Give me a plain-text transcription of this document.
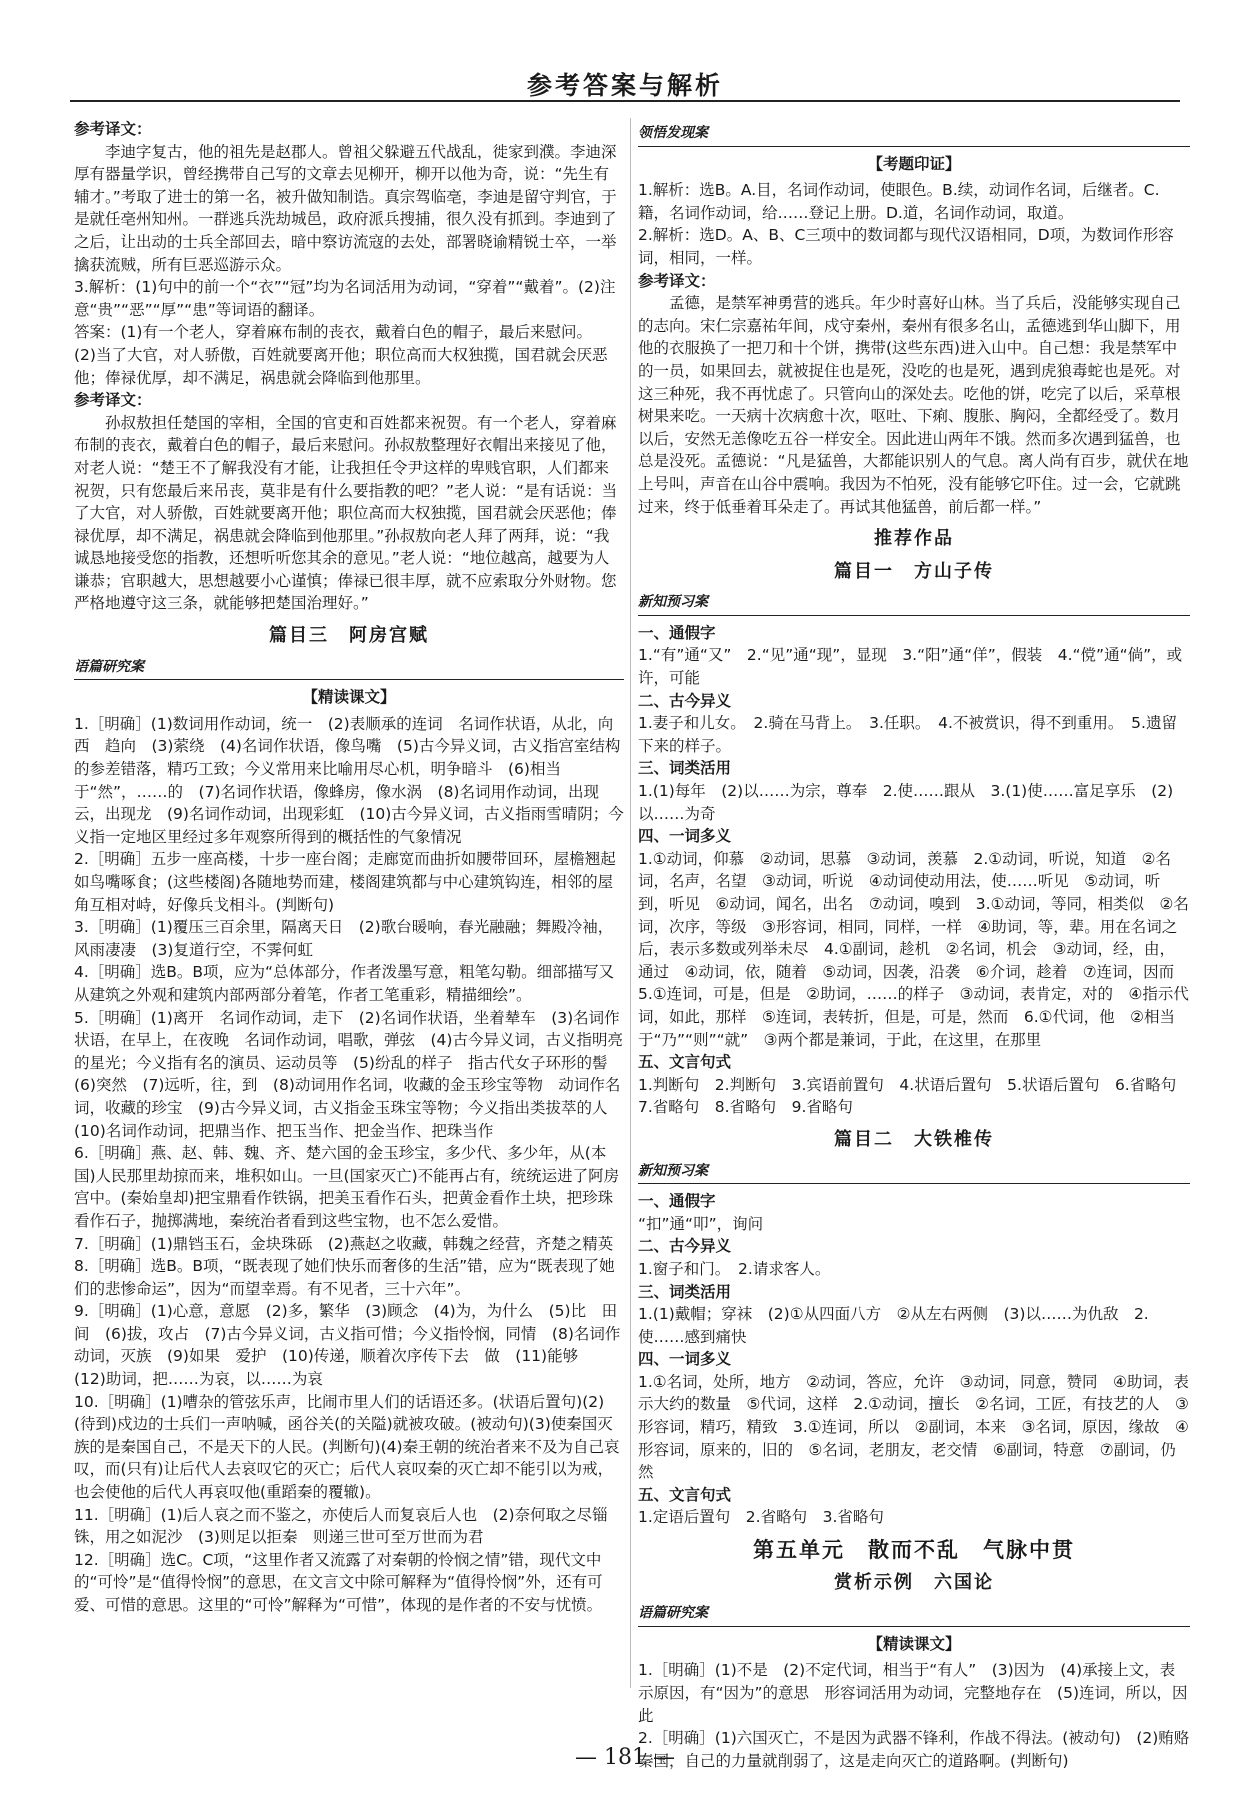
参考答案与解析

参考译文：

李迪字复古，他的祖先是赵郡人。曾祖父躲避五代战乱，徙家到濮。李迪深厚有器量学识，曾经携带自己写的文章去见柳开，柳开以他为奇，说：“先生有辅才。”考取了进士的第一名，被升做知制诰。真宗驾临亳，李迪是留守判官，于是就任亳州知州。一群逃兵洗劫城邑，政府派兵搜捕，很久没有抓到。李迪到了之后，让出动的士兵全部回去，暗中察访流寇的去处，部署晓谕精锐士卒，一举擒获流贼，所有巨恶巡游示众。

3.解析：(1)句中的前一个“衣”“冠”均为名词活用为动词，“穿着”“戴着”。(2)注意“贵”“恶”“厚”“患”等词语的翻译。

答案：(1)有一个老人，穿着麻布制的丧衣，戴着白色的帽子，最后来慰问。

(2)当了大官，对人骄傲，百姓就要离开他；职位高而大权独揽，国君就会厌恶他；俸禄优厚，却不满足，祸患就会降临到他那里。

参考译文：

孙叔敖担任楚国的宰相，全国的官吏和百姓都来祝贺。有一个老人，穿着麻布制的丧衣，戴着白色的帽子，最后来慰问。孙叔敖整理好衣帽出来接见了他，对老人说：“楚王不了解我没有才能，让我担任令尹这样的卑贱官职，人们都来祝贺，只有您最后来吊丧，莫非是有什么要指教的吧？”老人说：“是有话说：当了大官，对人骄傲，百姓就要离开他；职位高而大权独揽，国君就会厌恶他；俸禄优厚，却不满足，祸患就会降临到他那里。”孙叔敖向老人拜了两拜，说：“我诚恳地接受您的指教，还想听听您其余的意见。”老人说：“地位越高，越要为人谦恭；官职越大，思想越要小心谨慎；俸禄已很丰厚，就不应索取分外财物。您严格地遵守这三条，就能够把楚国治理好。”

篇目三　阿房宫赋
语篇研究案
【精读课文】

1.［明确］(1)数词用作动词，统一　(2)表顺承的连词　名词作状语，从北，向西　趋向　(3)萦绕　(4)名词作状语，像鸟嘴　(5)古今异义词，古义指宫室结构的参差错落，精巧工致；今义常用来比喻用尽心机，明争暗斗　(6)相当于“然”，……的　(7)名词作状语，像蜂房，像水涡　(8)名词用作动词，出现云，出现龙　(9)名词作动词，出现彩虹　(10)古今异义词，古义指雨雪晴阴；今义指一定地区里经过多年观察所得到的概括性的气象情况

2.［明确］五步一座高楼，十步一座台阁；走廊宽而曲折如腰带回环，屋檐翘起如鸟嘴啄食；(这些楼阁)各随地势而建，楼阁建筑都与中心建筑钩连，相邻的屋角互相对峙，好像兵戈相斗。(判断句)

3.［明确］(1)覆压三百余里，隔离天日　(2)歌台暖响，春光融融；舞殿冷袖，风雨凄凄　(3)复道行空，不霁何虹

4.［明确］选B。B项，应为“总体部分，作者泼墨写意，粗笔勾勒。细部描写又从建筑之外观和建筑内部两部分着笔，作者工笔重彩，精描细绘”。

5.［明确］(1)离开　名词作动词，走下　(2)名词作状语，坐着辇车　(3)名词作状语，在早上，在夜晚　名词作动词，唱歌，弹弦　(4)古今异义词，古义指明亮的星光；今义指有名的演员、运动员等　(5)纷乱的样子　指古代女子环形的髻　(6)突然　(7)远听，往，到　(8)动词用作名词，收藏的金玉珍宝等物　动词作名词，收藏的珍宝　(9)古今异义词，古义指金玉珠宝等物；今义指出类拔萃的人　(10)名词作动词，把鼎当作、把玉当作、把金当作、把珠当作

6.［明确］燕、赵、韩、魏、齐、楚六国的金玉珍宝，多少代、多少年，从(本国)人民那里劫掠而来，堆积如山。一旦(国家灭亡)不能再占有，统统运进了阿房宫中。(秦始皇却)把宝鼎看作铁锅，把美玉看作石头，把黄金看作土块，把珍珠看作石子，抛掷满地，秦统治者看到这些宝物，也不怎么爱惜。

7.［明确］(1)鼎铛玉石，金块珠砾　(2)燕赵之收藏，韩魏之经营，齐楚之精英

8.［明确］选B。B项，“既表现了她们快乐而奢侈的生活”错，应为“既表现了她们的悲惨命运”，因为“而望幸焉。有不见者，三十六年”。

9.［明确］(1)心意，意愿　(2)多，繁华　(3)顾念　(4)为，为什么　(5)比　田间　(6)拔，攻占　(7)古今异义词，古义指可惜；今义指怜悯，同情　(8)名词作动词，灭族　(9)如果　爱护　(10)传递，顺着次序传下去　做　(11)能够　(12)助词，把……为哀，以……为哀

10.［明确］(1)嘈杂的管弦乐声，比闹市里人们的话语还多。(状语后置句)(2)(待到)戍边的士兵们一声呐喊，函谷关(的关隘)就被攻破。(被动句)(3)使秦国灭族的是秦国自己，不是天下的人民。(判断句)(4)秦王朝的统治者来不及为自己哀叹，而(只有)让后代人去哀叹它的灭亡；后代人哀叹秦的灭亡却不能引以为戒，也会使他的后代人再哀叹他(重蹈秦的覆辙)。

11.［明确］(1)后人哀之而不鉴之，亦使后人而复哀后人也　(2)奈何取之尽锱铢，用之如泥沙　(3)则足以拒秦　则递三世可至万世而为君

12.［明确］选C。C项，“这里作者又流露了对秦朝的怜悯之情”错，现代文中的“可怜”是“值得怜悯”的意思，在文言文中除可解释为“值得怜悯”外，还有可爱、可惜的意思。这里的“可怜”解释为“可惜”，体现的是作者的不安与忧愤。

领悟发现案
【考题印证】

1.解析：选B。A.目，名词作动词，使眼色。B.续，动词作名词，后继者。C.籍，名词作动词，给……登记上册。D.道，名词作动词，取道。

2.解析：选D。A、B、C三项中的数词都与现代汉语相同，D项，为数词作形容词，相同，一样。

参考译文：

孟德，是禁军神勇营的逃兵。年少时喜好山林。当了兵后，没能够实现自己的志向。宋仁宗嘉祐年间，戍守秦州，秦州有很多名山，孟德逃到华山脚下，用他的衣服换了一把刀和十个饼，携带(这些东西)进入山中。自己想：我是禁军中的一员，如果回去，就被捉住也是死，没吃的也是死，遇到虎狼毒蛇也是死。对这三种死，我不再忧虑了。只管向山的深处去。吃他的饼，吃完了以后，采草根树果来吃。一天病十次病愈十次，呕吐、下痢、腹胀、胸闷，全都经受了。数月以后，安然无恙像吃五谷一样安全。因此进山两年不饿。然而多次遇到猛兽，也总是没死。孟德说：“凡是猛兽，大都能识别人的气息。离人尚有百步，就伏在地上号叫，声音在山谷中震响。我因为不怕死，没有能够它吓住。过一会，它就跳过来，终于低垂着耳朵走了。再试其他猛兽，前后都一样。”

推荐作品
篇目一　方山子传
新知预习案

一、通假字

1.“有”通“又”　2.“见”通“现”，显现　3.“阳”通“佯”，假装　4.“傥”通“倘”，或许，可能

二、古今异义

1.妻子和儿女。　2.骑在马背上。　3.任职。　4.不被赏识，得不到重用。　5.遗留下来的样子。

三、词类活用

1.(1)每年　(2)以……为宗，尊奉　2.使……跟从　3.(1)使……富足享乐　(2)以……为奇

四、一词多义

1.①动词，仰慕　②动词，思慕　③动词，羡慕　2.①动词，听说，知道　②名词，名声，名望　③动词，听说　④动词使动用法，使……听见　⑤动词，听到，听见　⑥动词，闻名，出名　⑦动词，嗅到　3.①动词，等同，相类似　②名词，次序，等级　③形容词，相同，同样，一样　④助词，等，辈。用在名词之后，表示多数或列举未尽　4.①副词，趁机　②名词，机会　③动词，经，由，通过　④动词，依，随着　⑤动词，因袭，沿袭　⑥介词，趁着　⑦连词，因而　5.①连词，可是，但是　②助词，……的样子　③动词，表肯定，对的　④指示代词，如此，那样　⑤连词，表转折，但是，可是，然而　6.①代词，他　②相当于“乃”“则”“就”　③两个都是兼词，于此，在这里，在那里

五、文言句式

1.判断句　2.判断句　3.宾语前置句　4.状语后置句　5.状语后置句　6.省略句　7.省略句　8.省略句　9.省略句

篇目二　大铁椎传
新知预习案

一、通假字

“扣”通“叩”，询问

二、古今异义

1.窗子和门。　2.请求客人。

三、词类活用

1.(1)戴帽；穿袜　(2)①从四面八方　②从左右两侧　(3)以……为仇敌　2.使……感到痛快

四、一词多义

1.①名词，处所，地方　②动词，答应，允许　③动词，同意，赞同　④助词，表示大约的数量　⑤代词，这样　2.①动词，擅长　②名词，工匠，有技艺的人　③形容词，精巧，精致　3.①连词，所以　②副词，本来　③名词，原因，缘故　④形容词，原来的，旧的　⑤名词，老朋友，老交情　⑥副词，特意　⑦副词，仍然

五、文言句式

1.定语后置句　2.省略句　3.省略句

第五单元　散而不乱　气脉中贯
赏析示例　六国论
语篇研究案
【精读课文】

1.［明确］(1)不是　(2)不定代词，相当于“有人”　(3)因为　(4)承接上文，表示原因，有“因为”的意思　形容词活用为动词，完整地存在　(5)连词，所以，因此

2.［明确］(1)六国灭亡，不是因为武器不锋利，作战不得法。(被动句)　(2)贿赂秦国，自己的力量就削弱了，这是走向灭亡的道路啊。(判断句)

— 181 —
